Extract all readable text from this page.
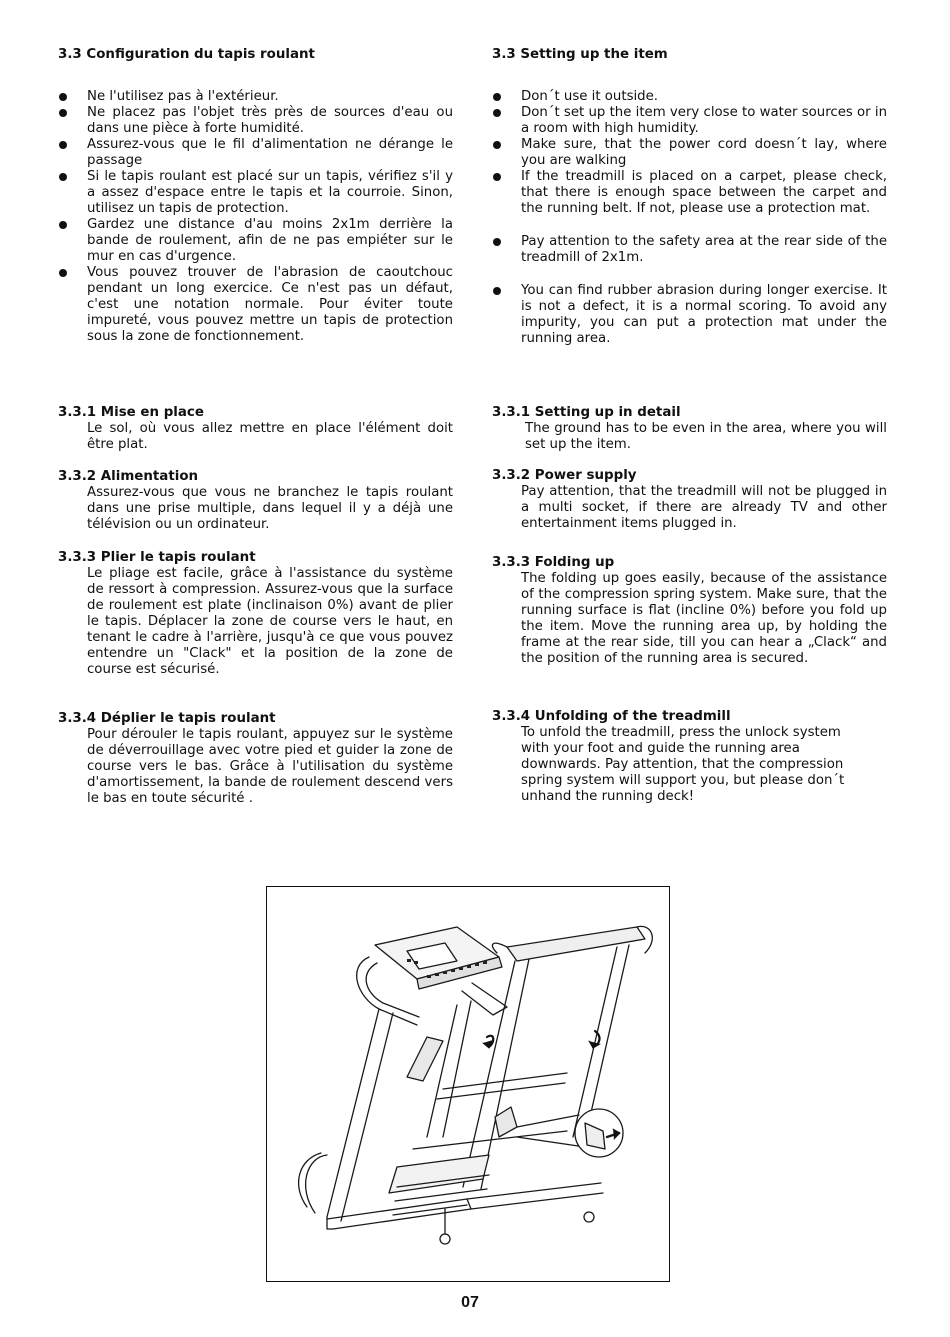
3.3 Configuration du tapis roulant
Ne l'utilisez pas à l'extérieur.
Ne placez pas l'objet très près de sources d'eau ou dans une pièce à forte humidité.
Assurez-vous que le fil d'alimentation ne dérange le passage
Si le tapis roulant est placé sur un tapis, vérifiez s'il y a assez d'espace entre le tapis et la courroie. Sinon, utilisez un tapis de protection.
Gardez une distance d'au moins 2x1m derrière la bande de roulement, afin de ne pas empiéter sur le mur en cas d'urgence.
Vous pouvez trouver de l'abrasion de caoutchouc pendant un long exercice. Ce n'est pas un défaut, c'est une notation normale. Pour éviter toute impureté, vous pouvez mettre un tapis de protection sous la zone de fonctionnement.
3.3.1 Mise en place

Le sol, où vous allez mettre en place l'élément doit être plat.

3.3.2 Alimentation

Assurez-vous que vous ne branchez le tapis roulant dans une prise multiple, dans lequel il y a déjà une télévision ou un ordinateur.

3.3.3 Plier le tapis roulant

Le pliage est facile, grâce à l'assistance du système de ressort à compression. Assurez-vous que la surface de roulement est plate (inclinaison 0%) avant de plier le tapis. Déplacer la zone de course vers le haut, en tenant le cadre à l'arrière, jusqu'à ce que vous pouvez entendre un "Clack" et la position de la zone de course est sécurisé.

3.3.4 Déplier le tapis roulant

Pour dérouler le tapis roulant, appuyez sur le système de déverrouillage avec votre pied et guider la zone de course vers le bas. Grâce à l'utilisation du système d'amortissement, la bande de roulement descend vers le bas en toute sécurité .

3.3 Setting up the item
Don´t use it outside.
Don´t set up the item very close to water sources or in a room with high humidity.
Make sure, that the power cord doesn´t lay, where you are walking
If the treadmill is placed on a carpet, please check, that there is enough space between the carpet and the running belt. If not, please use a protection mat.
Pay attention to the safety area at the rear side of the treadmill of 2x1m.
You can find rubber abrasion during longer exercise. It is not a defect, it is a normal scoring. To avoid any impurity, you can put a protection mat under the running area.
3.3.1 Setting up in detail

The ground has to be even in the area, where you will set up the item.

3.3.2 Power supply

Pay attention, that the treadmill will not be plugged in a multi socket, if there are already TV and other entertainment items plugged in.

3.3.3 Folding up

The folding up goes easily, because of the assistance of the compression spring system. Make sure, that the running surface is flat (incline 0%) before you fold up the item. Move the running area up, by holding the frame at the rear side, till you can hear a „Clack“ and the position of the running area is secured.

3.3.4 Unfolding of the treadmill

To unfold the treadmill, press the unlock system with your foot and guide the running area downwards. Pay attention, that the compression spring system will support you, but please don´t unhand the running deck!

07
